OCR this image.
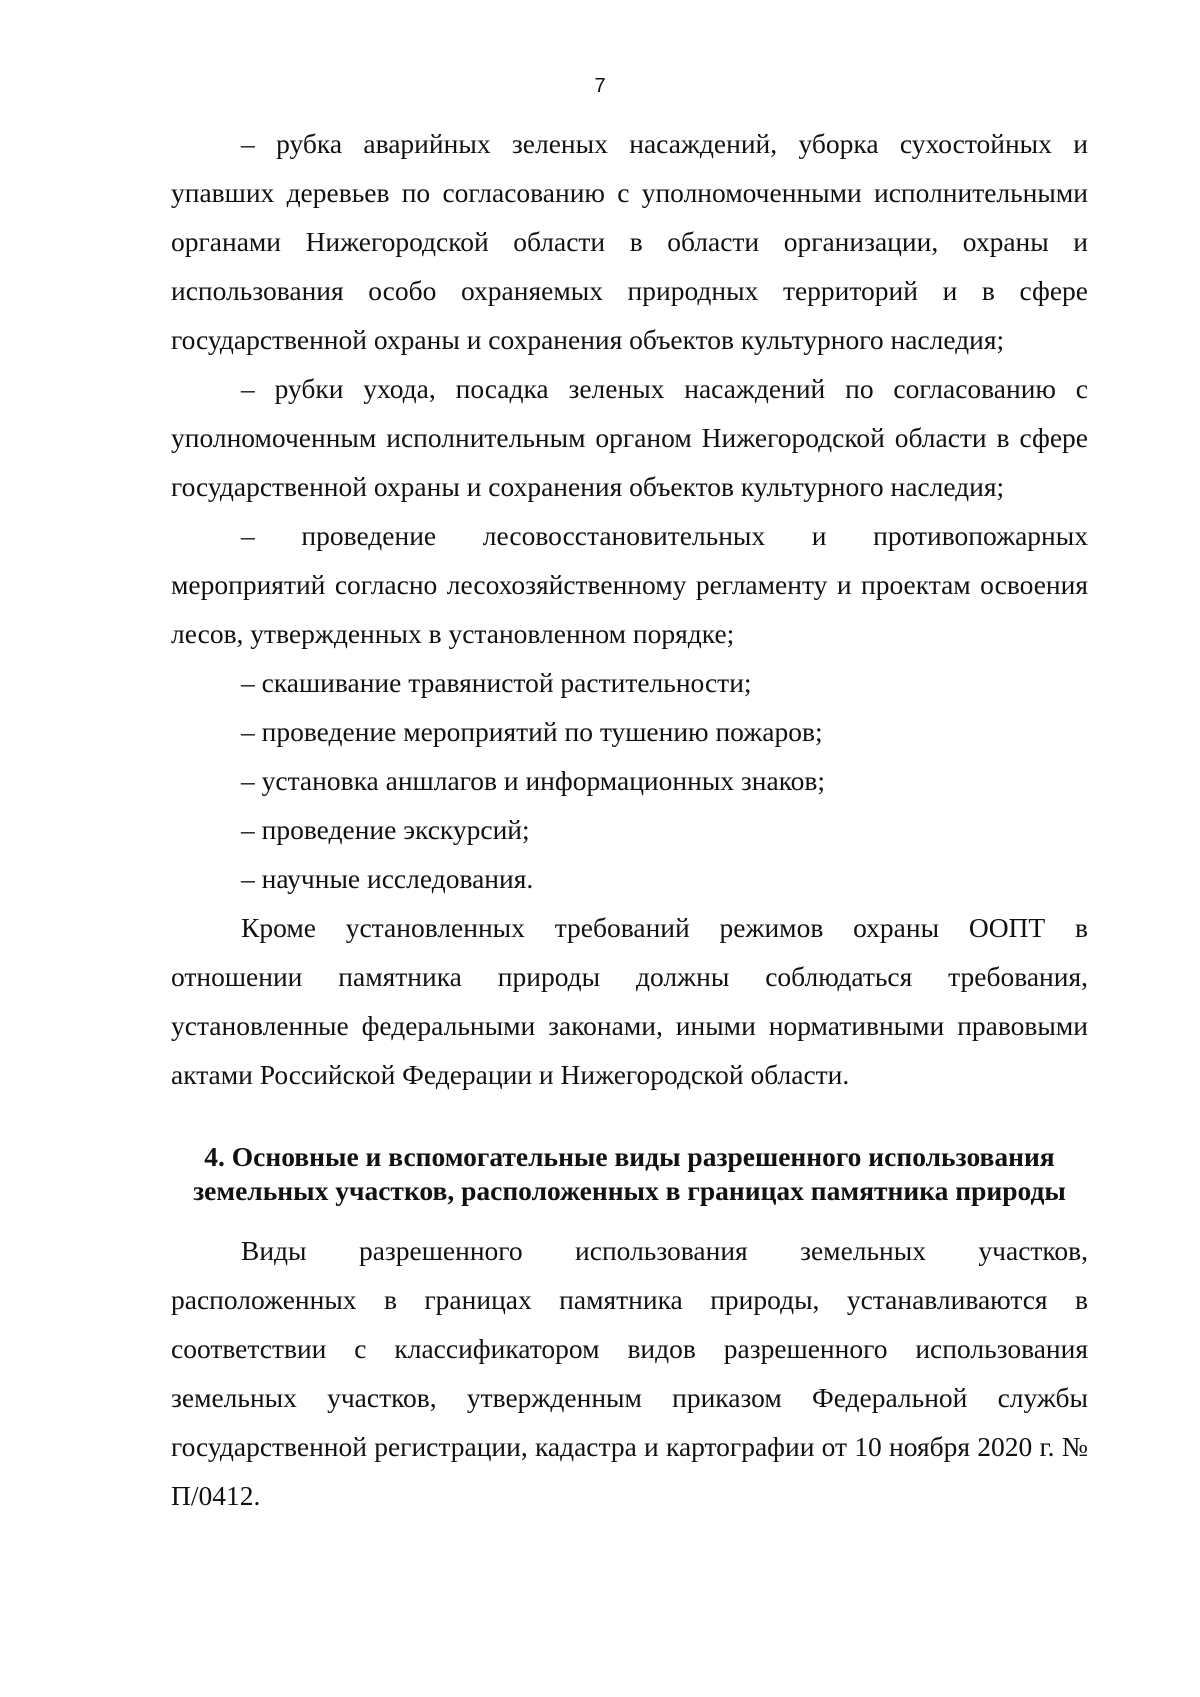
7

– рубка аварийных зеленых насаждений, уборка сухостойных и упавших деревьев по согласованию с уполномоченными исполнительными органами Нижегородской области в области организации, охраны и использования особо охраняемых природных территорий и в сфере государственной охраны и сохранения объектов культурного наследия;

– рубки ухода, посадка зеленых насаждений по согласованию с уполномоченным исполнительным органом Нижегородской области в сфере государственной охраны и сохранения объектов культурного наследия;

– проведение лесовосстановительных и противопожарных мероприятий согласно лесохозяйственному регламенту и проектам освоения лесов, утвержденных в установленном порядке;

– скашивание травянистой растительности;

– проведение мероприятий по тушению пожаров;

– установка аншлагов и информационных знаков;

– проведение экскурсий;

– научные исследования.

Кроме установленных требований режимов охраны ООПТ в отношении памятника природы должны соблюдаться требования, установленные федеральными законами, иными нормативными правовыми актами Российской Федерации и Нижегородской области.

4. Основные и вспомогательные виды разрешенного использования
земельных участков, расположенных в границах памятника природы

Виды разрешенного использования земельных участков, расположенных в границах памятника природы, устанавливаются в соответствии с классификатором видов разрешенного использования земельных участков, утвержденным приказом Федеральной службы государственной регистрации, кадастра и картографии от 10 ноября 2020 г. № П/0412.
